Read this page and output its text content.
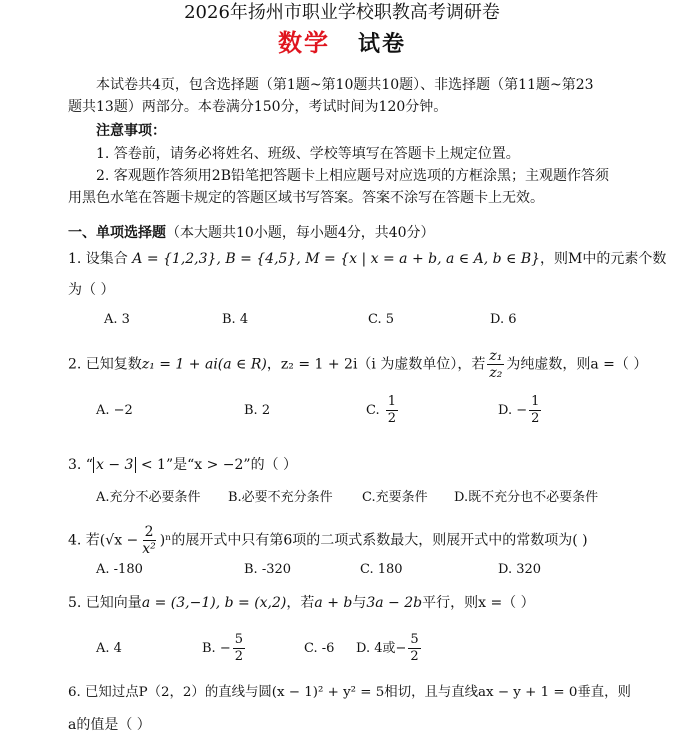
2026年扬州市职业学校职教高考调研卷
数学 试卷
本试卷共4页，包含选择题（第1题~第10题共10题）、非选择题（第11题~第23
题共13题）两部分。本卷满分150分，考试时间为120分钟。
注意事项：
1. 答卷前，请务必将姓名、班级、学校等填写在答题卡上规定位置。
2. 客观题作答须用2B铅笔把答题卡上相应题号对应选项的方框涂黑；主观题作答须
用黑色水笔在答题卡规定的答题区域书写答案。答案不涂写在答题卡上无效。
一、单项选择题（本大题共10小题，每小题4分，共40分）
1. 设集合 A = {1,2,3}, B = {4,5}, M = {x | x = a + b, a ∈ A, b ∈ B}，则M中的元素个数
为（ ）
A. 3	B. 4	C. 5	D. 6
2. 已知复数z₁ = 1 + ai(a ∈ R)，z₂ = 1 + 2i（i 为虚数单位），若 $\frac{\text{z₁}}{\text{z₂}}$ 为纯虚数，则a =（ ）
A. −2	B. 2	C. $\frac{1}{2}$	D. − $\frac{1}{2}$
3. “ x − 3 < 1”是“x > −2”的（ ）
A.充分不必要条件 B.必要不充分条件 C.充要条件 D.既不充分也不必要条件
4. 若$(√x - \frac{2}{\text{x²}} )^n$的展开式中只有第6项的二项式系数最大，则展开式中的常数项为( )
A. -180	B. -320	C. 180	D. 320
5. 已知向量a = (3,−1), b = (x,2)，若a + b与3a − 2b平行，则x =（ ）
A. 4	B. − $\frac{5}{2}$	C. -6 D. 4或− $\frac{5}{2}$
6. 已知过点P（2，2）的直线与圆(x − 1)² + y² = 5相切，且与直线ax − y + 1 = 0垂直，则
a的值是（ ）
